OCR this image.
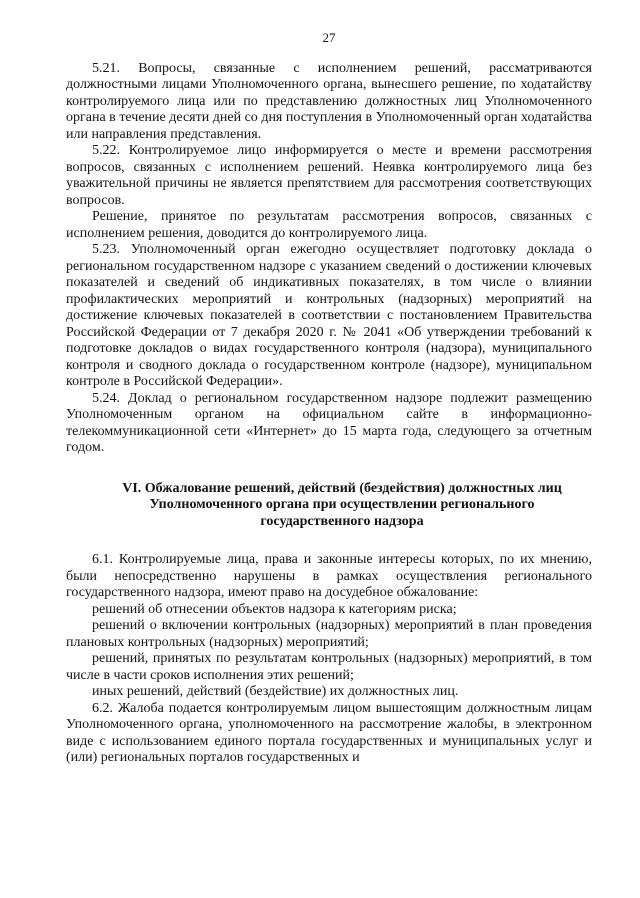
27

5.21. Вопросы, связанные с исполнением решений, рассматриваются должностными лицами Уполномоченного органа, вынесшего решение, по ходатайству контролируемого лица или по представлению должностных лиц Уполномоченного органа в течение десяти дней со дня поступления в Уполномоченный орган ходатайства или направления представления.

5.22. Контролируемое лицо информируется о месте и времени рассмотрения вопросов, связанных с исполнением решений. Неявка контролируемого лица без уважительной причины не является препятствием для рассмотрения соответствующих вопросов.

Решение, принятое по результатам рассмотрения вопросов, связанных с исполнением решения, доводится до контролируемого лица.

5.23. Уполномоченный орган ежегодно осуществляет подготовку доклада о региональном государственном надзоре с указанием сведений о достижении ключевых показателей и сведений об индикативных показателях, в том числе о влиянии профилактических мероприятий и контрольных (надзорных) мероприятий на достижение ключевых показателей в соответствии с постановлением Правительства Российской Федерации от 7 декабря 2020 г. № 2041 «Об утверждении требований к подготовке докладов о видах государственного контроля (надзора), муниципального контроля и сводного доклада о государственном контроле (надзоре), муниципальном контроле в Российской Федерации».

5.24. Доклад о региональном государственном надзоре подлежит размещению Уполномоченным органом на официальном сайте в информационно-телекоммуникационной сети «Интернет» до 15 марта года, следующего за отчетным годом.

VI. Обжалование решений, действий (бездействия) должностных лиц
Уполномоченного органа при осуществлении регионального
государственного надзора

6.1. Контролируемые лица, права и законные интересы которых, по их мнению, были непосредственно нарушены в рамках осуществления регионального государственного надзора, имеют право на досудебное обжалование:

решений об отнесении объектов надзора к категориям риска;

решений о включении контрольных (надзорных) мероприятий в план проведения плановых контрольных (надзорных) мероприятий;

решений, принятых по результатам контрольных (надзорных) мероприятий, в том числе в части сроков исполнения этих решений;

иных решений, действий (бездействие) их должностных лиц.

6.2. Жалоба подается контролируемым лицом вышестоящим должностным лицам Уполномоченного органа, уполномоченного на рассмотрение жалобы, в электронном виде с использованием единого портала государственных и муниципальных услуг и (или) региональных порталов государственных и
